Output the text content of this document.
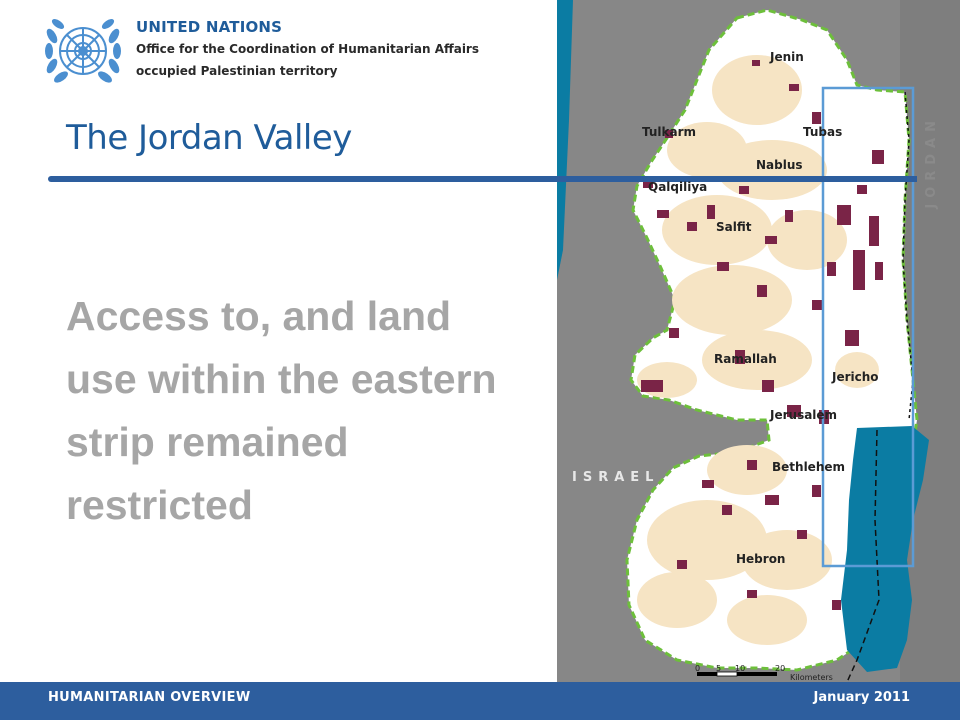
UNITED NATIONS
Office for the Coordination of Humanitarian Affairs
occupied Palestinian territory
The Jordan Valley
Access to, and land use within the eastern strip remained restricted
Jenin
Tulkarm	Tubas
Nablus
Qalqiliya
Salfit
Ramallah
Jericho
Jerusalem
Bethlehem
Hebron
ISRAEL
JORDAN
0 5 10	20
Kilometers
HUMANITARIAN OVERVIEW	January 2011
